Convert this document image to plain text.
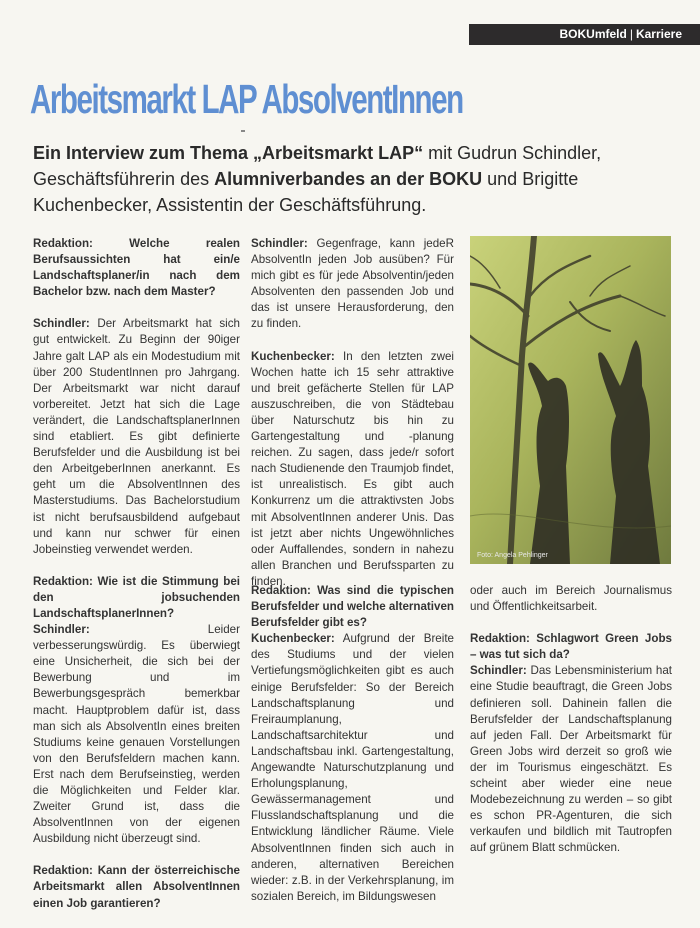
BOKUmfeld | Karriere
Arbeitsmarkt LAP AbsolventInnen
Ein Interview zum Thema „Arbeitsmarkt LAP“ mit Gudrun Schindler, Geschäftsführerin des Alumniverbandes an der BOKU und Brigitte Kuchenbecker, Assistentin der Geschäftsführung.

Redaktion: Welche realen Berufsaussichten hat ein/e Landschaftsplaner/in nach dem Bachelor bzw. nach dem Master?

Schindler: Der Arbeitsmarkt hat sich gut entwickelt. Zu Beginn der 90iger Jahre galt LAP als ein Modestudium mit über 200 StudentInnen pro Jahrgang. Der Arbeitsmarkt war nicht darauf vorbereitet. Jetzt hat sich die Lage verändert, die LandschaftsplanerInnen sind etabliert. Es gibt definierte Berufsfelder und die Ausbildung ist bei den ArbeitgeberInnen anerkannt. Es geht um die AbsolventInnen des Masterstudiums. Das Bachelorstudium ist nicht berufsausbildend aufgebaut und kann nur schwer für einen Jobeinstieg verwendet werden.

Redaktion: Wie ist die Stimmung bei den jobsuchenden LandschaftsplanerInnen?

Schindler: Leider verbesserungswürdig. Es überwiegt eine Unsicherheit, die sich bei der Bewerbung und im Bewerbungsgespräch bemerkbar macht. Hauptproblem dafür ist, dass man sich als AbsolventIn eines breiten Studiums keine genauen Vorstellungen von den Berufsfeldern machen kann. Erst nach dem Berufseinstieg, werden die Möglichkeiten und Felder klar. Zweiter Grund ist, dass die AbsolventInnen von der eigenen Ausbildung nicht überzeugt sind.

Redaktion: Kann der österreichische Arbeitsmarkt allen AbsolventInnen einen Job garantieren?

Schindler: Gegenfrage, kann jedeR AbsolventIn jeden Job ausüben? Für mich gibt es für jede Absolventin/jeden Absolventen den passenden Job und das ist unsere Herausforderung, den zu finden.

Kuchenbecker: In den letzten zwei Wochen hatte ich 15 sehr attraktive und breit gefächerte Stellen für LAP auszuschreiben, die von Städtebau über Naturschutz bis hin zu Gartengestaltung und -planung reichen. Zu sagen, dass jede/r sofort nach Studienende den Traumjob findet, ist unrealistisch. Es gibt auch Konkurrenz um die attraktivsten Jobs mit AbsolventInnen anderer Unis. Das ist jetzt aber nichts Ungewöhnliches oder Auffallendes, sondern in nahezu allen Branchen und Berufssparten zu finden.

Foto: Angela Pehlinger

Redaktion: Was sind die typischen Berufsfelder und welche alternativen Berufsfelder gibt es?

Kuchenbecker: Aufgrund der Breite des Studiums und der vielen Vertiefungsmöglichkeiten gibt es auch einige Berufsfelder: So der Bereich Landschaftsplanung und Freiraumplanung, Landschaftsarchitektur und Landschaftsbau inkl. Gartengestaltung, Angewandte Naturschutzplanung und Erholungsplanung, Gewässermanagement und Flusslandschaftsplanung und die Entwicklung ländlicher Räume. Viele AbsolventInnen finden sich auch in anderen, alternativen Bereichen wieder: z.B. in der Verkehrsplanung, im sozialen Bereich, im Bildungswesen

oder auch im Bereich Journalismus und Öffentlichkeitsarbeit.

Redaktion: Schlagwort Green Jobs – was tut sich da?

Schindler: Das Lebensministerium hat eine Studie beauftragt, die Green Jobs definieren soll. Dahinein fallen die Berufsfelder der Landschaftsplanung auf jeden Fall. Der Arbeitsmarkt für Green Jobs wird derzeit so groß wie der im Tourismus eingeschätzt. Es scheint aber wieder eine neue Modebezeichnung zu werden – so gibt es schon PR-Agenturen, die sich verkaufen und bildlich mit Tautropfen auf grünem Blatt schmücken.
